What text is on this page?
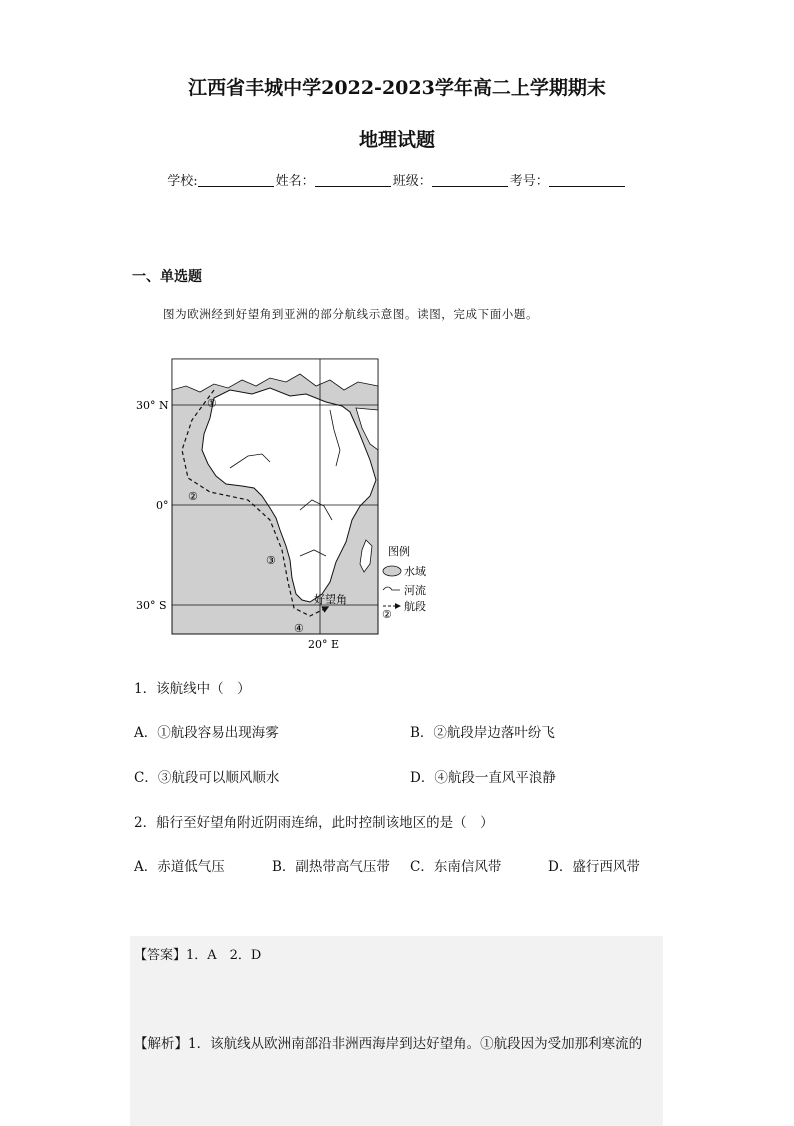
江西省丰城中学2022-2023学年高二上学期期末
地理试题
学校:	姓名：	班级：	考号：
一、单选题
图为欧洲经到好望角到亚洲的部分航线示意图。读图，完成下面小题。
①
②
③
④
30° N
0°
30° S
20° E
好望角
图例
水域
河流
航段
②
1．该航线中（　）
A．①航段容易出现海雾	B．②航段岸边落叶纷飞
C．③航段可以顺风顺水	D．④航段一直风平浪静
2．船行至好望角附近阴雨连绵，此时控制该地区的是（　）
A．赤道低气压	B．副热带高气压带 C．东南信风带	D．盛行西风带
【答案】1．A　2．D
【解析】1．该航线从欧洲南部沿非洲西海岸到达好望角。①航段因为受加那利寒流的
